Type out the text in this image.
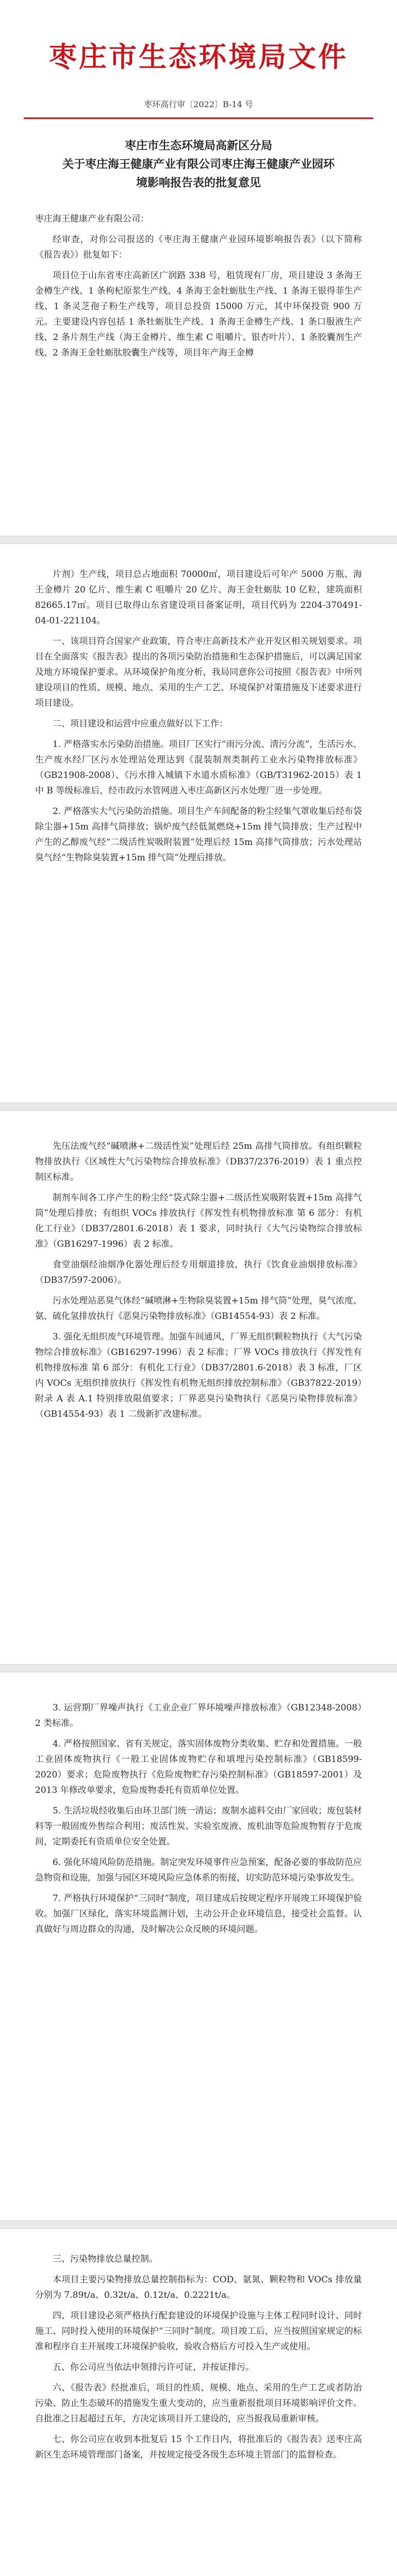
枣庄市生态环境局文件
枣环高行审〔2022〕B-14 号
枣庄市生态环境局高新区分局
关于枣庄海王健康产业有限公司枣庄海王健康产业园环
境影响报告表的批复意见

枣庄海王健康产业有限公司：

经审查，对你公司报送的《枣庄海王健康产业园环境影响报告表》（以下简称《报告表》）批复如下：

项目位于山东省枣庄高新区广润路 338 号，租赁现有厂房，项目建设 3 条海王金樽生产线、1 条枸杞原浆生产线、4 条海王金牡蛎肽生产线、1 条海王银得菲生产线、1 条灵芝孢子粉生产线等，项目总投资 15000 万元，其中环保投资 900 万元。主要建设内容包括 1 条牡蛎肽生产线、1 条海王金樽生产线、1 条口服液生产线、2 条片剂生产线（海王金樽片、维生素 C 咀嚼片、银杏叶片）、1 条胶囊剂生产线、2 条海王金牡蛎肽胶囊生产线等，项目年产海王金樽

片剂）生产线，项目总占地面积 70000㎡，项目建设后可年产 5000 万瓶、海王金樽片 20 亿片、维生素 C 咀嚼片 20 亿片、海王金牡蛎肽 10 亿粒，建筑面积 82665.17㎡。项目已取得山东省建设项目备案证明，项目代码为 2204-370491-04-01-221104。

一、该项目符合国家产业政策，符合枣庄高新技术产业开发区相关规划要求。项目在全面落实《报告表》提出的各项污染防治措施和生态保护措施后，可以满足国家及地方环境保护要求。从环境保护角度分析，我局同意你公司按照《报告表》中所列建设项目的性质、规模、地点、采用的生产工艺、环境保护对策措施及下述要求进行项目建设。

二、项目建设和运营中应重点做好以下工作：

1. 严格落实水污染防治措施。项目厂区实行“雨污分流、清污分流”，生活污水、生产废水经厂区污水处理站处理达到《混装制剂类制药工业水污染物排放标准》（GB21908-2008）、《污水排入城镇下水道水质标准》（GB/T31962-2015）表 1 中 B 等级标准后，经市政污水管网进入枣庄高新区污水处理厂进一步处理。

2. 严格落实大气污染防治措施。项目生产车间配备的粉尘经集气罩收集后经布袋除尘器+15m 高排气筒排放；锅炉废气经低氮燃烧+15m 排气筒排放；生产过程中产生的乙醇废气经“二级活性炭吸附装置”处理后经 15m 高排气筒排放；污水处理站臭气经“生物除臭装置+15m 排气筒”处理后排放。

先压法废气经“碱喷淋+二级活性炭”处理后经 25m 高排气筒排放。有组织颗粒物排放执行《区域性大气污染物综合排放标准》（DB37/2376-2019）表 1 重点控制区标准。

制剂车间各工序产生的粉尘经“袋式除尘器+二级活性炭吸附装置+15m 高排气筒”处理后排放；有组织 VOCs 排放执行《挥发性有机物排放标准 第 6 部分：有机化工行业》（DB37/2801.6-2018）表 1 要求，同时执行《大气污染物综合排放标准》（GB16297-1996）表 2 标准。

食堂油烟经油烟净化器处理后经专用烟道排放，执行《饮食业油烟排放标准》（DB37/597-2006）。

污水处理站恶臭气体经“碱喷淋+生物除臭装置+15m 排气筒”处理，臭气浓度、氨、硫化氢排放执行《恶臭污染物排放标准》（GB14554-93）表 2 标准。

3. 强化无组织废气环境管理。加强车间通风，厂界无组织颗粒物执行《大气污染物综合排放标准》（GB16297-1996）表 2 标准；厂界 VOCs 排放执行《挥发性有机物排放标准 第 6 部分：有机化工行业》（DB37/2801.6-2018）表 3 标准，厂区内 VOCs 无组织排放执行《挥发性有机物无组织排放控制标准》（GB37822-2019）附录 A 表 A.1 特别排放限值要求；厂界恶臭污染物执行《恶臭污染物排放标准》（GB14554-93）表 1 二级新扩改建标准。

3. 运营期厂界噪声执行《工业企业厂界环境噪声排放标准》（GB12348-2008）2 类标准。

4. 严格按照国家、省有关规定，落实固体废物分类收集、贮存和处置措施。一般工业固体废物执行《一般工业固体废物贮存和填埋污染控制标准》（GB18599-2020）要求；危险废物执行《危险废物贮存污染控制标准》（GB18597-2001）及 2013 年修改单要求，危险废物委托有资质单位处置。

5. 生活垃圾经收集后由环卫部门统一清运；废制水滤料交由厂家回收；废包装材料等一般固废外售综合利用；废活性炭、实验室废液、废机油等危险废物暂存于危废间，定期委托有资质单位安全处置。

6. 强化环境风险防范措施。制定突发环境事件应急预案，配备必要的事故防范应急物资和设施，加强与园区环境风险应急体系的衔接，切实防范环境污染事故发生。

7. 严格执行环境保护“三同时”制度，项目建成后按规定程序开展竣工环境保护验收。加强厂区绿化，落实环境监测计划，主动公开企业环境信息，接受社会监督。认真做好与周边群众的沟通，及时解决公众反映的环境问题。

三、污染物排放总量控制。

本项目主要污染物排放总量控制指标为：COD、氨氮、颗粒物和 VOCs 排放量分别为 7.89t/a、0.32t/a、0.12t/a、0.2221t/a。

四、项目建设必须严格执行配套建设的环境保护设施与主体工程同时设计、同时施工、同时投入使用的环境保护“三同时”制度。项目竣工后，应当按照国家规定的标准和程序自主开展竣工环境保护验收，验收合格后方可投入生产或使用。

五、你公司应当依法申领排污许可证，并按证排污。

六、《报告表》经批准后，项目的性质、规模、地点、采用的生产工艺或者防治污染、防止生态破坏的措施发生重大变动的，应当重新报批项目环境影响评价文件。自批准之日起超过五年，方决定该项目开工建设的，应当报我局重新审核。

七、你公司应在收到本批复后 15 个工作日内，将批准后的《报告表》送枣庄高新区生态环境管理部门备案，并按规定接受各级生态环境主管部门的监督检查。
